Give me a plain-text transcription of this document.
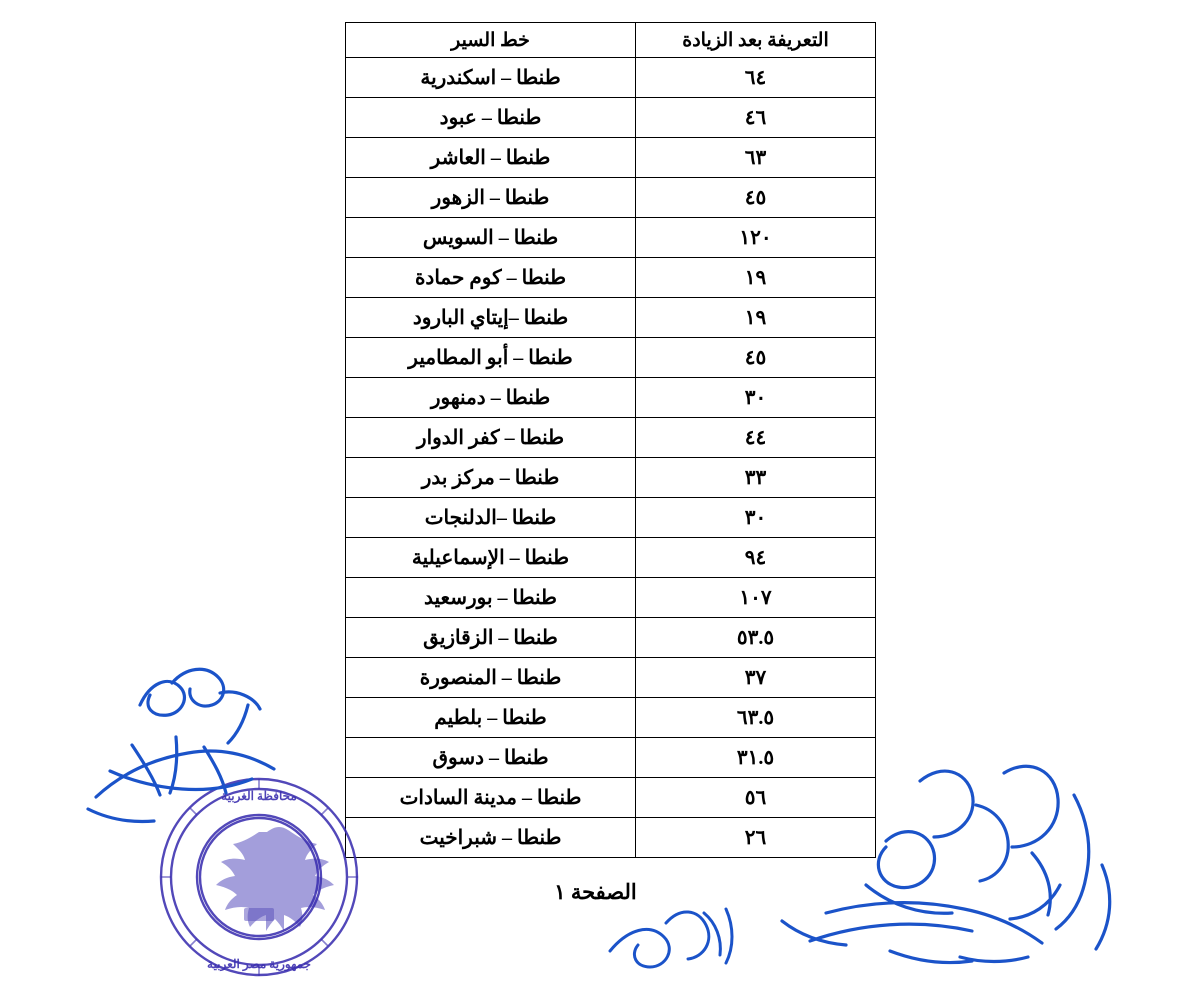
التعريفة بعد الزيادة	خط السير
٦٤	طنطا – اسكندرية
٤٦	طنطا – عبود
٦٣	طنطا – العاشر
٤٥	طنطا – الزهور
١٢٠	طنطا – السويس
١٩	طنطا – كوم حمادة
١٩	طنطا –إيتاي البارود
٤٥	طنطا – أبو المطامير
٣٠	طنطا – دمنهور
٤٤	طنطا – كفر الدوار
٣٣	طنطا – مركز بدر
٣٠	طنطا –الدلنجات
٩٤	طنطا – الإسماعيلية
١٠٧	طنطا – بورسعيد
٥٣.٥	طنطا – الزقازيق
٣٧	طنطا – المنصورة
٦٣.٥	طنطا – بلطيم
٣١.٥	طنطا – دسوق
٥٦	طنطا – مدينة السادات
٢٦	طنطا – شبراخيت
الصفحة ١
محافظة الغربية
جمهورية مصر العربية
